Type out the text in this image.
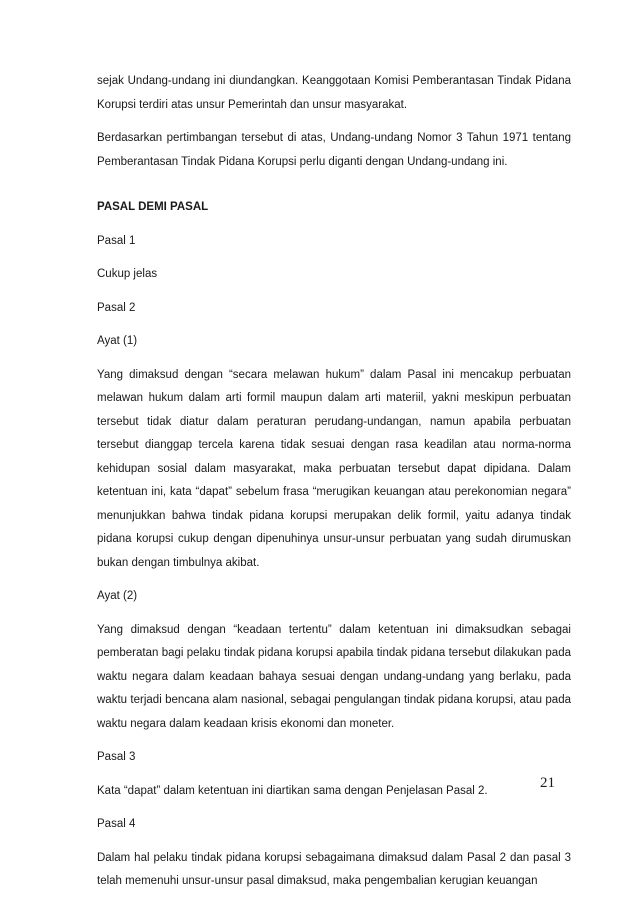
sejak Undang-undang ini diundangkan. Keanggotaan Komisi Pemberantasan Tindak Pidana Korupsi terdiri atas unsur Pemerintah dan unsur masyarakat.

Berdasarkan pertimbangan tersebut di atas, Undang-undang Nomor 3 Tahun 1971 tentang Pemberantasan Tindak Pidana Korupsi perlu diganti dengan Undang-undang ini.

PASAL DEMI PASAL
Pasal 1
Cukup jelas
Pasal 2
Ayat (1)

Yang dimaksud dengan “secara melawan hukum” dalam Pasal ini mencakup perbuatan melawan hukum dalam arti formil maupun dalam arti materiil, yakni meskipun perbuatan tersebut tidak diatur dalam peraturan perudang-undangan, namun apabila perbuatan tersebut dianggap tercela karena tidak sesuai dengan rasa keadilan atau norma-norma kehidupan sosial dalam masyarakat, maka perbuatan tersebut dapat dipidana. Dalam ketentuan ini, kata “dapat” sebelum frasa “merugikan keuangan atau perekonomian negara” menunjukkan bahwa tindak pidana korupsi merupakan delik formil, yaitu adanya tindak pidana korupsi cukup dengan dipenuhinya unsur-unsur perbuatan yang sudah dirumuskan bukan dengan timbulnya akibat.

Ayat (2)

Yang dimaksud dengan “keadaan tertentu” dalam ketentuan ini dimaksudkan sebagai pemberatan bagi pelaku tindak pidana korupsi apabila tindak pidana tersebut dilakukan pada waktu negara dalam keadaan bahaya sesuai dengan undang-undang yang berlaku, pada waktu terjadi bencana alam nasional, sebagai pengulangan tindak pidana korupsi, atau pada waktu negara dalam keadaan krisis ekonomi dan moneter.

Pasal 3

Kata “dapat” dalam ketentuan ini diartikan sama dengan Penjelasan Pasal 2.

Pasal 4

Dalam hal pelaku tindak pidana korupsi sebagaimana dimaksud dalam Pasal 2 dan pasal 3 telah memenuhi unsur-unsur pasal dimaksud, maka pengembalian kerugian keuangan

21
